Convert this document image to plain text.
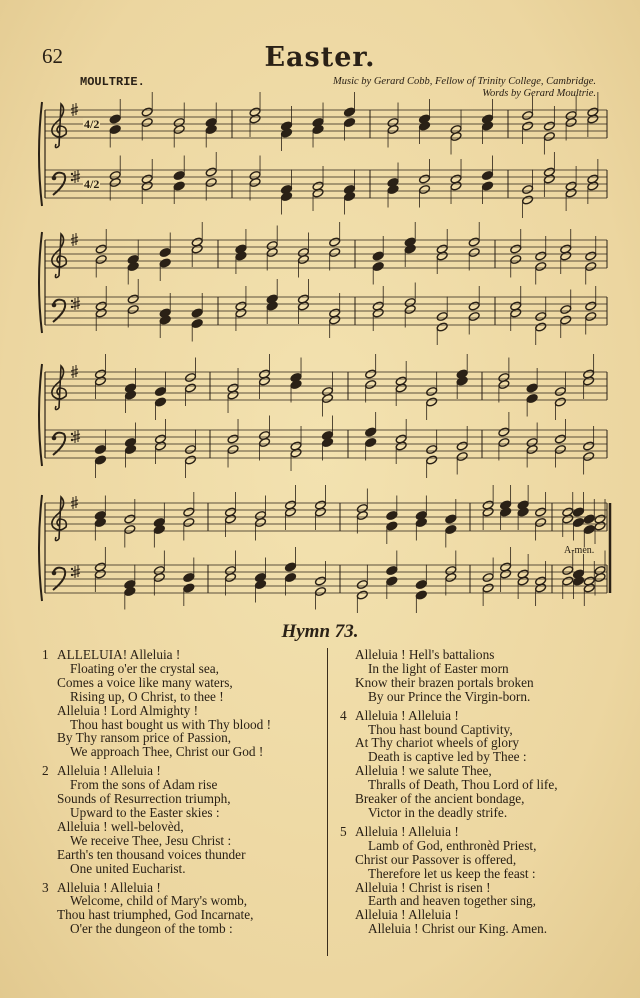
62	Easter.
MOULTRIE.	Music by Gerard Cobb, Fellow of Trinity College, Cambridge.
Words by Gerard Moultrie.
4/2
4/2
A-men.
Hymn 73.
1 ALLELUIA! Alleluia !
Floating o'er the crystal sea,
Comes a voice like many waters,
Rising up, O Christ, to thee !
Alleluia ! Lord Almighty !
Thou hast bought us with Thy blood !
By Thy ransom price of Passion,
We approach Thee, Christ our God !
2 Alleluia ! Alleluia !
From the sons of Adam rise
Sounds of Resurrection triumph,
Upward to the Easter skies :
Alleluia ! well-belovèd,
We receive Thee, Jesu Christ :
Earth's ten thousand voices thunder
One united Eucharist.
3 Alleluia ! Alleluia !
Welcome, child of Mary's womb,
Thou hast triumphed, God Incarnate,
O'er the dungeon of the tomb :
Alleluia ! Hell's battalions
In the light of Easter morn
Know their brazen portals broken
By our Prince the Virgin-born.
4 Alleluia ! Alleluia !
Thou hast bound Captivity,
At Thy chariot wheels of glory
Death is captive led by Thee :
Alleluia ! we salute Thee,
Thralls of Death, Thou Lord of life,
Breaker of the ancient bondage,
Victor in the deadly strife.
5 Alleluia ! Alleluia !
Lamb of God, enthronèd Priest,
Christ our Passover is offered,
Therefore let us keep the feast :
Alleluia ! Christ is risen !
Earth and heaven together sing,
Alleluia ! Alleluia !
Alleluia ! Christ our King. Amen.
